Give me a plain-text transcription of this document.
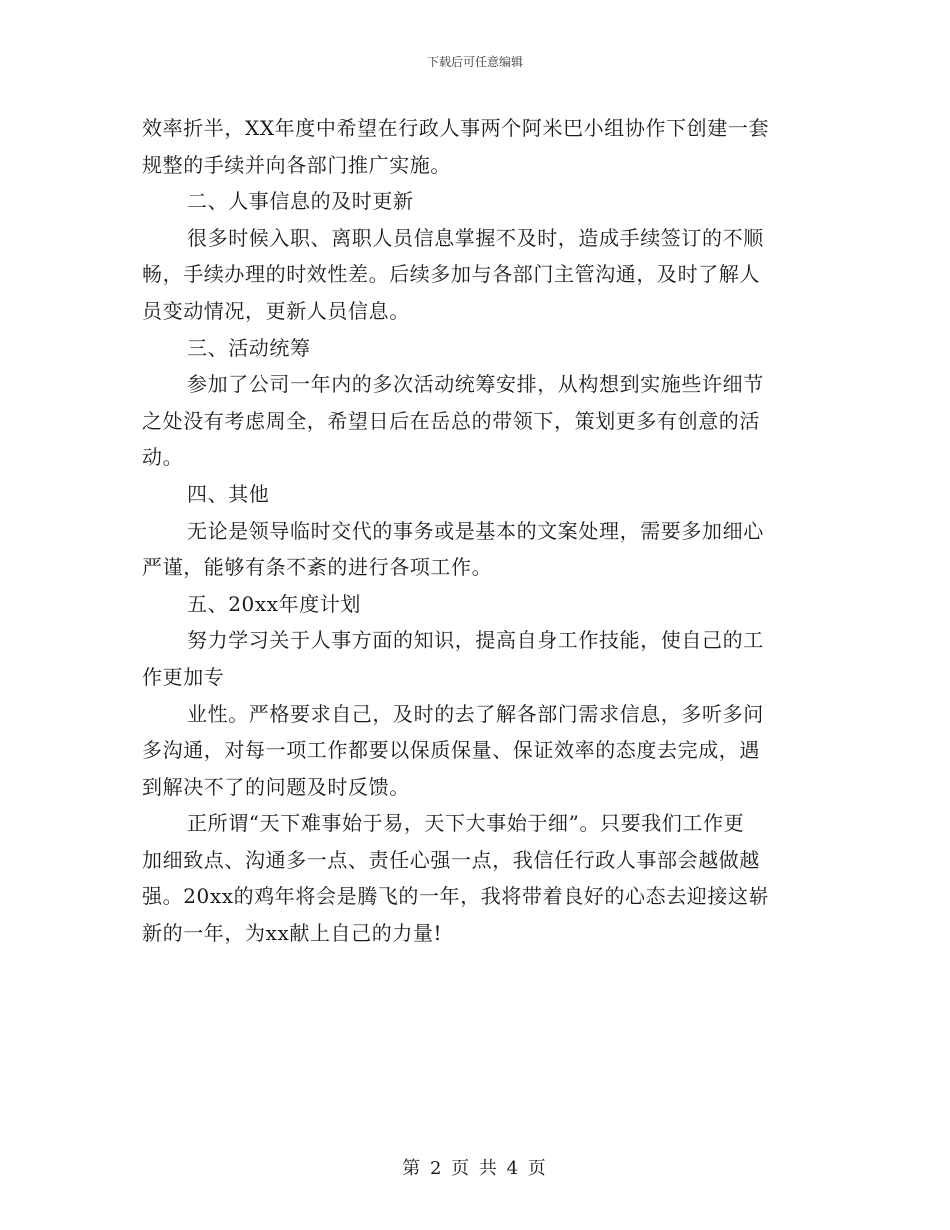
下载后可任意编辑
效率折半，XX年度中希望在行政人事两个阿米巴小组协作下创建一套
规整的手续并向各部门推广实施。
二、人事信息的及时更新
很多时候入职、离职人员信息掌握不及时，造成手续签订的不顺
畅，手续办理的时效性差。后续多加与各部门主管沟通，及时了解人
员变动情况，更新人员信息。
三、活动统筹
参加了公司一年内的多次活动统筹安排，从构想到实施些许细节
之处没有考虑周全，希望日后在岳总的带领下，策划更多有创意的活
动。
四、其他
无论是领导临时交代的事务或是基本的文案处理，需要多加细心
严谨，能够有条不紊的进行各项工作。
五、20xx年度计划
努力学习关于人事方面的知识，提高自身工作技能，使自己的工
作更加专
业性。严格要求自己，及时的去了解各部门需求信息，多听多问
多沟通，对每一项工作都要以保质保量、保证效率的态度去完成，遇
到解决不了的问题及时反馈。
正所谓“天下难事始于易，天下大事始于细”。只要我们工作更
加细致点、沟通多一点、责任心强一点，我信任行政人事部会越做越
强。20xx的鸡年将会是腾飞的一年，我将带着良好的心态去迎接这崭
新的一年，为xx献上自己的力量!
第 2 页 共 4 页
